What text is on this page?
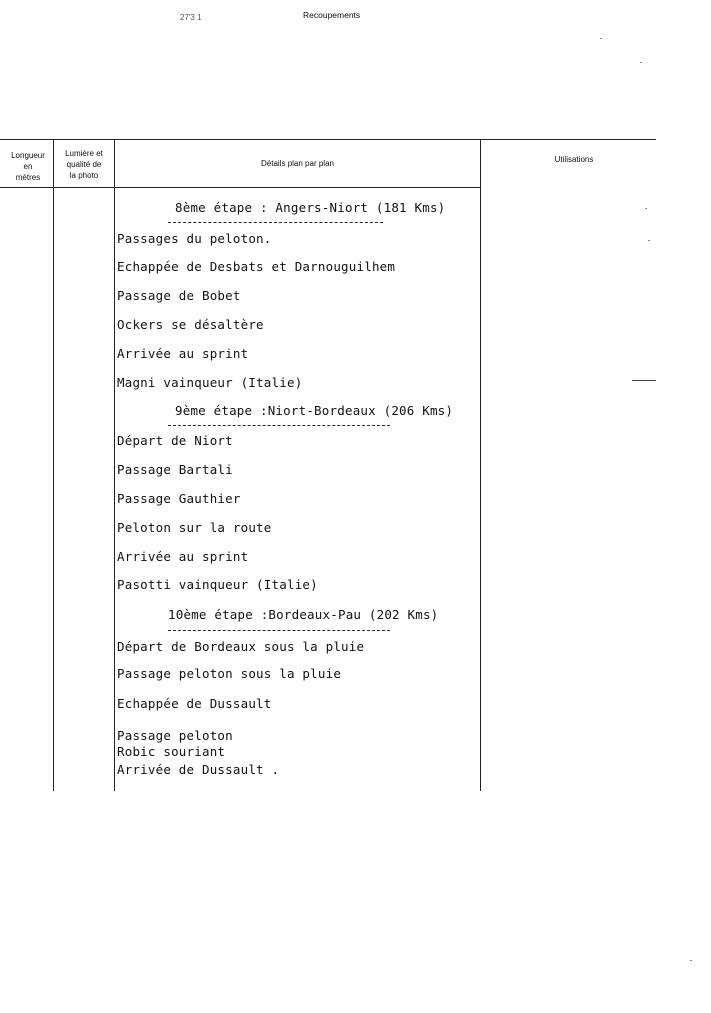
27'3 1	Recoupements
Longueur
en
mètres
Lumière et
qualité de
la photo
Détails plan par plan	Utilisations
8ème étape : Angers-Niort (181 Kms)
Passages du peloton.
Echappée de Desbats et Darnouguilhem
Passage de Bobet
Ockers se désaltère
Arrivée au sprint
Magni vainqueur (Italie)
9ème étape :Niort-Bordeaux (206 Kms)
Départ de Niort
Passage Bartali
Passage Gauthier
Peloton sur la route
Arrivée au sprint
Pasotti vainqueur (Italie)
10ème étape :Bordeaux-Pau (202 Kms)
Départ de Bordeaux sous la pluie
Passage peloton sous la pluie
Echappée de Dussault
Passage peloton
Robic souriant
Arrivée de Dussault .
